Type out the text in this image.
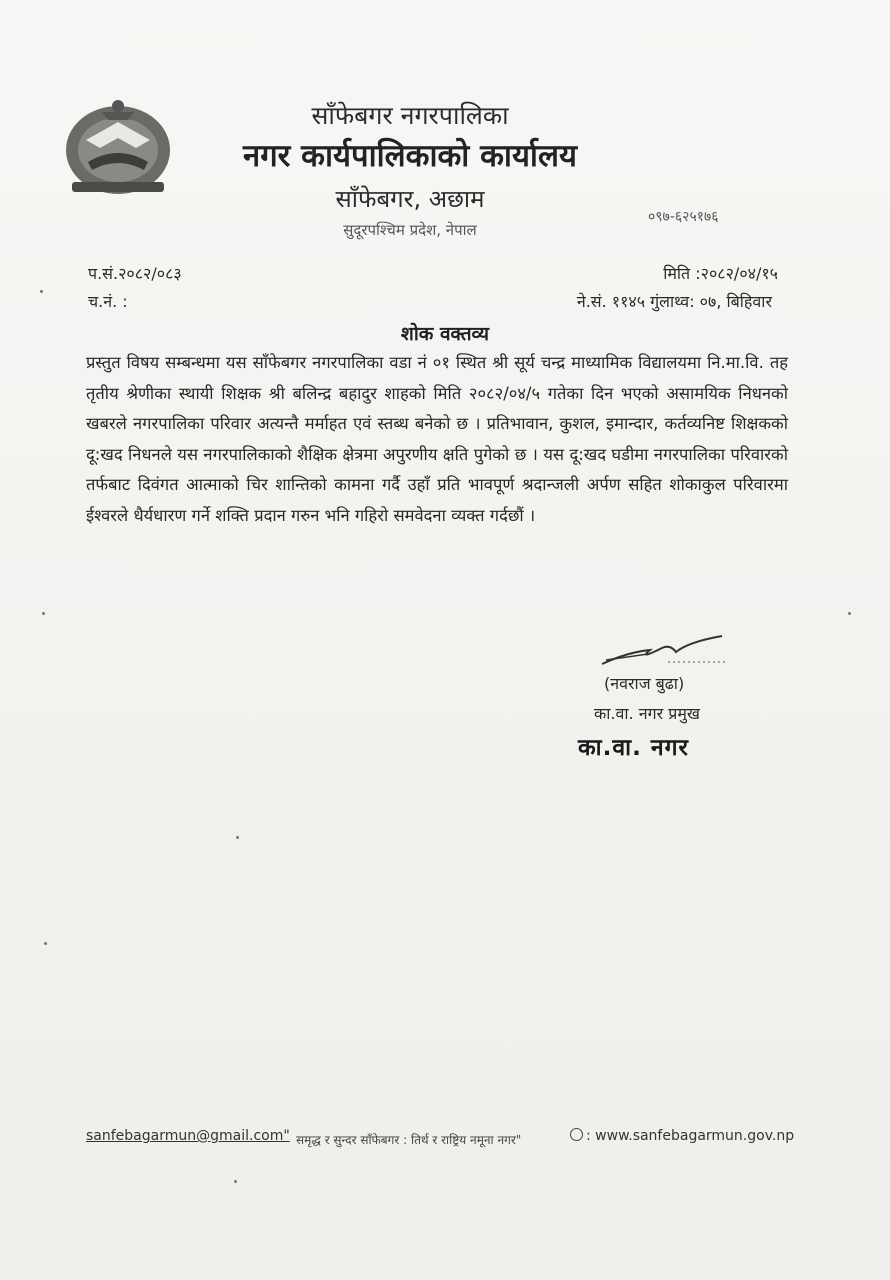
साँफेबगर नगरपालिका
नगर कार्यपालिकाको कार्यालय
साँफेबगर, अछाम
सुदूरपश्चिम प्रदेश, नेपाल
०९७-६२५१७६
प.सं.२०८२/०८३
च.नं. :
मिति :२०८२/०४/१५
ने.सं. ११४५ गुंलाथ्व: ०७, बिहिवार
शोक वक्तव्य
प्रस्तुत विषय सम्बन्धमा यस साँफेबगर नगरपालिका वडा नं ०१ स्थित श्री सूर्य चन्द्र माध्यामिक विद्यालयमा नि.मा.वि. तह तृतीय श्रेणीका स्थायी शिक्षक श्री बलिन्द्र बहादुर शाहको मिति २०८२/०४/५ गतेका दिन भएको असामयिक निधनको खबरले नगरपालिका परिवार अत्यन्तै मर्माहत एवं स्तब्ध बनेको छ । प्रतिभावान, कुशल, इमान्दार, कर्तव्यनिष्ट शिक्षकको दू:खद निधनले यस नगरपालिकाको शैक्षिक क्षेत्रमा अपुरणीय क्षति पुगेको छ । यस दू:खद घडीमा नगरपालिका परिवारको तर्फबाट दिवंगत आत्माको चिर शान्तिको कामना गर्दै उहाँ प्रति भावपूर्ण श्रदान्जली अर्पण सहित शोकाकुल परिवारमा ईश्वरले धैर्यधारण गर्ने शक्ति प्रदान गरुन भनि गहिरो समवेदना व्यक्त गर्दछौं ।
(नवराज बुढा)
का.वा. नगर प्रमुख
का.वा. नगर
sanfebagarmun@gmail.com" समृद्ध र सुन्दर साँफेबगर : तिर्थ र राष्ट्रिय नमूना नगर"	: www.sanfebagarmun.gov.np
